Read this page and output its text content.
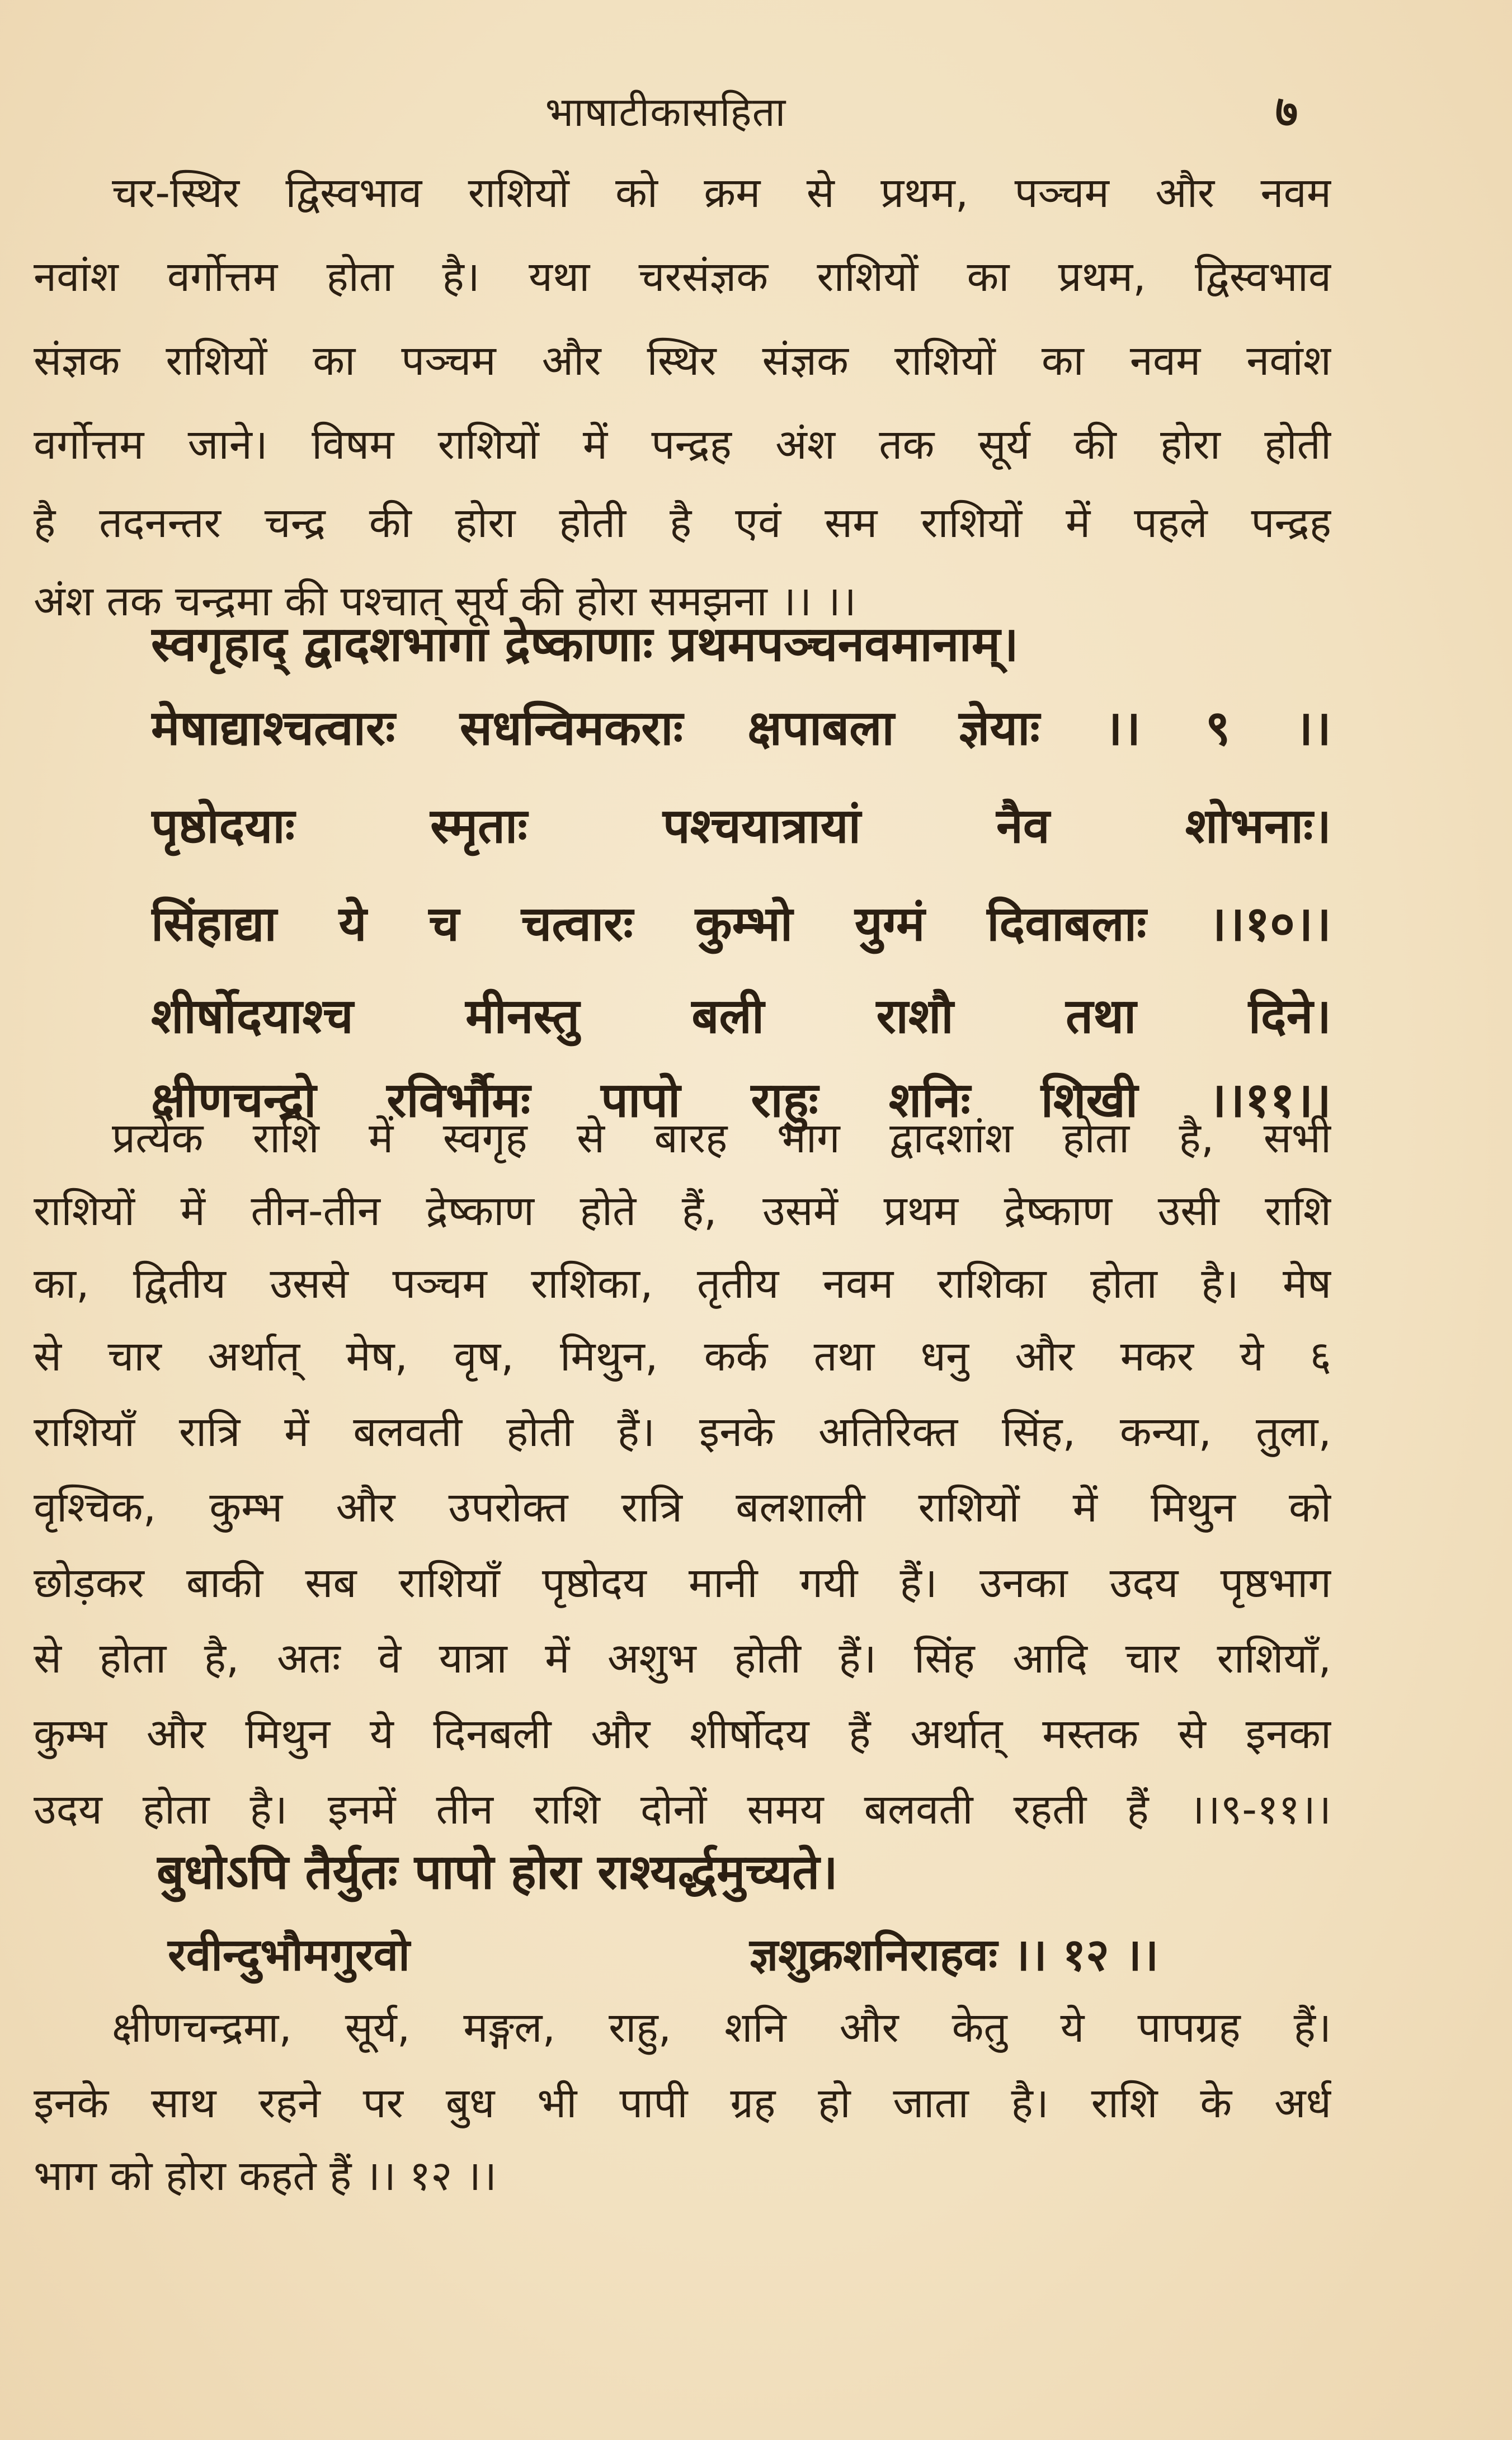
भाषाटीकासहिता	७
चर-स्थिर द्विस्वभाव राशियों को क्रम से प्रथम, पञ्चम और नवम
नवांश वर्गोत्तम होता है। यथा चरसंज्ञक राशियों का प्रथम, द्विस्वभाव
संज्ञक राशियों का पञ्चम और स्थिर संज्ञक राशियों का नवम नवांश
वर्गोत्तम जाने। विषम राशियों में पन्द्रह अंश तक सूर्य की होरा होती
है तदनन्तर चन्द्र की होरा होती है एवं सम राशियों में पहले पन्द्रह
अंश तक चन्द्रमा की पश्चात् सूर्य की होरा समझना ।। ।।
स्वगृहाद् द्वादशभागा द्रेष्काणाः प्रथमपञ्चनवमानाम्।
मेषाद्याश्चत्वारः सधन्विमकराः क्षपाबला ज्ञेयाः ।। ९ ।।
पृष्ठोदयाः स्मृताः पश्चयात्रायां नैव शोभनाः।
सिंहाद्या ये च चत्वारः कुम्भो युग्मं दिवाबलाः ।।१०।।
शीर्षोदयाश्च मीनस्तु बली राशौ तथा दिने।
क्षीणचन्द्रो रविर्भौमः पापो राहुः शनिः शिखी ।।११।।
प्रत्येक राशि में स्वगृह से बारह भाग द्वादशांश होता है, सभी
राशियों में तीन-तीन द्रेष्काण होते हैं, उसमें प्रथम द्रेष्काण उसी राशि
का, द्वितीय उससे पञ्चम राशिका, तृतीय नवम राशिका होता है। मेष
से चार अर्थात् मेष, वृष, मिथुन, कर्क तथा धनु और मकर ये ६
राशियाँ रात्रि में बलवती होती हैं। इनके अतिरिक्त सिंह, कन्या, तुला,
वृश्चिक, कुम्भ और उपरोक्त रात्रि बलशाली राशियों में मिथुन को
छोड़कर बाकी सब राशियाँ पृष्ठोदय मानी गयी हैं। उनका उदय पृष्ठभाग
से होता है, अतः वे यात्रा में अशुभ होती हैं। सिंह आदि चार राशियाँ,
कुम्भ और मिथुन ये दिनबली और शीर्षोदय हैं अर्थात् मस्तक से इनका
उदय होता है। इनमें तीन राशि दोनों समय बलवती रहती हैं ।।९-११।।
बुधोऽपि तैर्युतः पापो होरा राश्यर्द्धमुच्यते।
रवीन्दुभौमगुरवो	ज्ञशुक्रशनिराहवः ।। १२ ।।
क्षीणचन्द्रमा, सूर्य, मङ्गल, राहु, शनि और केतु ये पापग्रह हैं।
इनके साथ रहने पर बुध भी पापी ग्रह हो जाता है। राशि के अर्ध
भाग को होरा कहते हैं ।। १२ ।।
